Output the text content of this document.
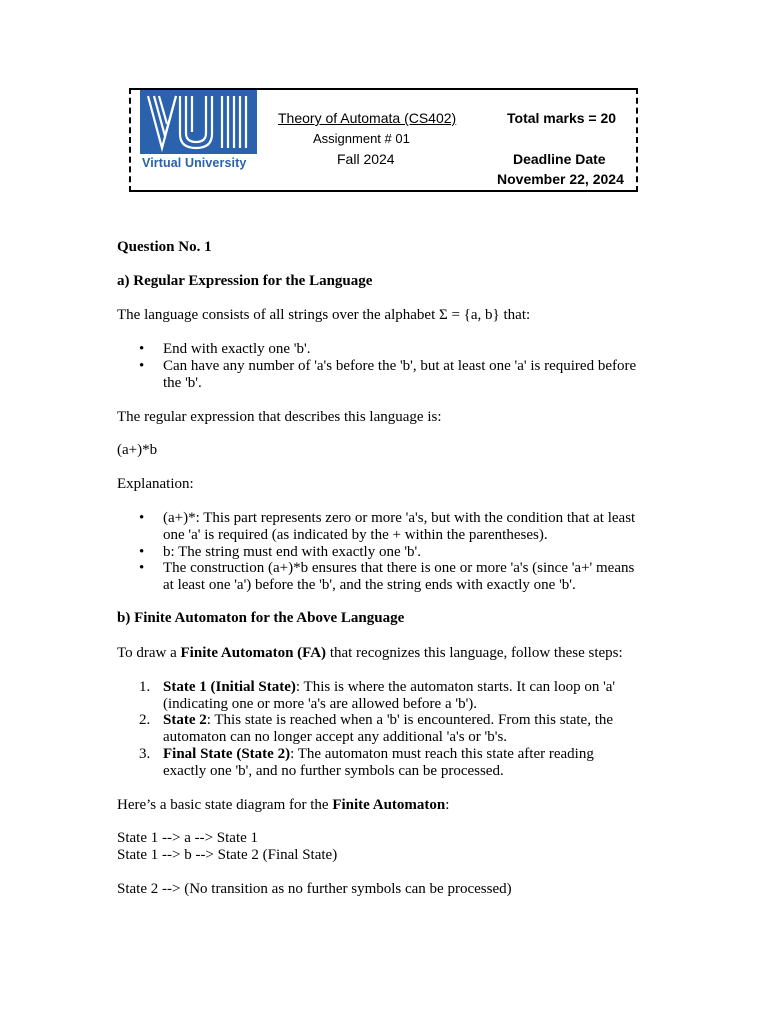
Virtual University
Theory of Automata (CS402)
Assignment # 01
Fall 2024
Total marks = 20
Deadline Date
November 22, 2024
Question No. 1
a) Regular Expression for the Language
The language consists of all strings over the alphabet Σ = {a, b} that:
• End with exactly one 'b'.
• Can have any number of 'a's before the 'b', but at least one 'a' is required before
the 'b'.
The regular expression that describes this language is:
(a+)*b
Explanation:
• (a+)*: This part represents zero or more 'a's, but with the condition that at least
one 'a' is required (as indicated by the + within the parentheses).
• b: The string must end with exactly one 'b'.
• The construction (a+)*b ensures that there is one or more 'a's (since 'a+' means
at least one 'a') before the 'b', and the string ends with exactly one 'b'.
b) Finite Automaton for the Above Language
To draw a Finite Automaton (FA) that recognizes this language, follow these steps:
1. State 1 (Initial State): This is where the automaton starts. It can loop on 'a'
(indicating one or more 'a's are allowed before a 'b').
2. State 2: This state is reached when a 'b' is encountered. From this state, the
automaton can no longer accept any additional 'a's or 'b's.
3. Final State (State 2): The automaton must reach this state after reading
exactly one 'b', and no further symbols can be processed.
Here’s a basic state diagram for the Finite Automaton:
State 1 --> a --> State 1
State 1 --> b --> State 2 (Final State)
State 2 --> (No transition as no further symbols can be processed)
